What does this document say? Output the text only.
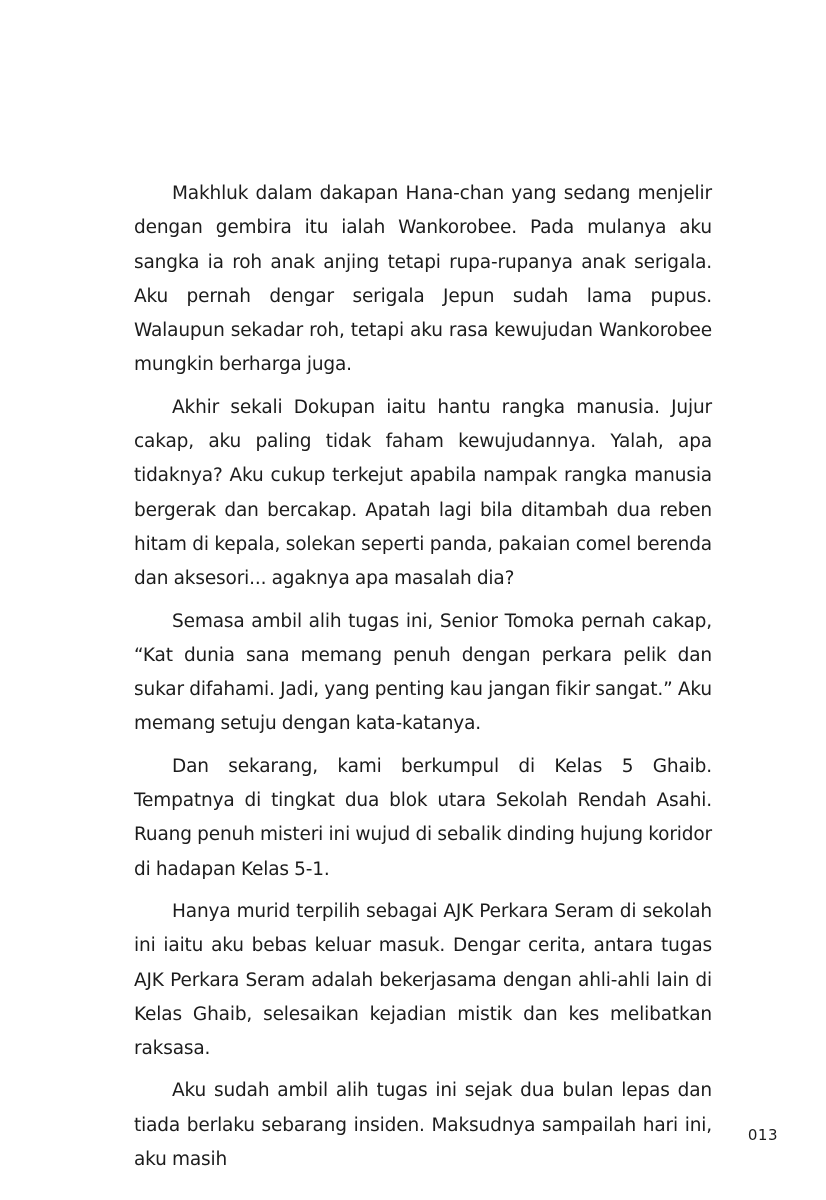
Makhluk dalam dakapan Hana-chan yang sedang menjelir dengan gembira itu ialah Wankorobee. Pada mulanya aku sangka ia roh anak anjing tetapi rupa-rupanya anak serigala. Aku pernah dengar serigala Jepun sudah lama pupus. Walaupun sekadar roh, tetapi aku rasa kewujudan Wankorobee mungkin berharga juga.

Akhir sekali Dokupan iaitu hantu rangka manusia. Jujur cakap, aku paling tidak faham kewujudannya. Yalah, apa tidaknya? Aku cukup terkejut apabila nampak rangka manusia bergerak dan bercakap. Apatah lagi bila ditambah dua reben hitam di kepala, solekan seperti panda, pakaian comel berenda dan aksesori... agaknya apa masalah dia?

Semasa ambil alih tugas ini, Senior Tomoka pernah cakap, “Kat dunia sana memang penuh dengan perkara pelik dan sukar difahami. Jadi, yang penting kau jangan fikir sangat.” Aku memang setuju dengan kata-katanya.

Dan sekarang, kami berkumpul di Kelas 5 Ghaib. Tempatnya di tingkat dua blok utara Sekolah Rendah Asahi. Ruang penuh misteri ini wujud di sebalik dinding hujung koridor di hadapan Kelas 5-1.

Hanya murid terpilih sebagai AJK Perkara Seram di sekolah ini iaitu aku bebas keluar masuk. Dengar cerita, antara tugas AJK Perkara Seram adalah bekerjasama dengan ahli-ahli lain di Kelas Ghaib, selesaikan kejadian mistik dan kes melibatkan raksasa.

Aku sudah ambil alih tugas ini sejak dua bulan lepas dan tiada berlaku sebarang insiden. Maksudnya sampailah hari ini, aku masih

013
